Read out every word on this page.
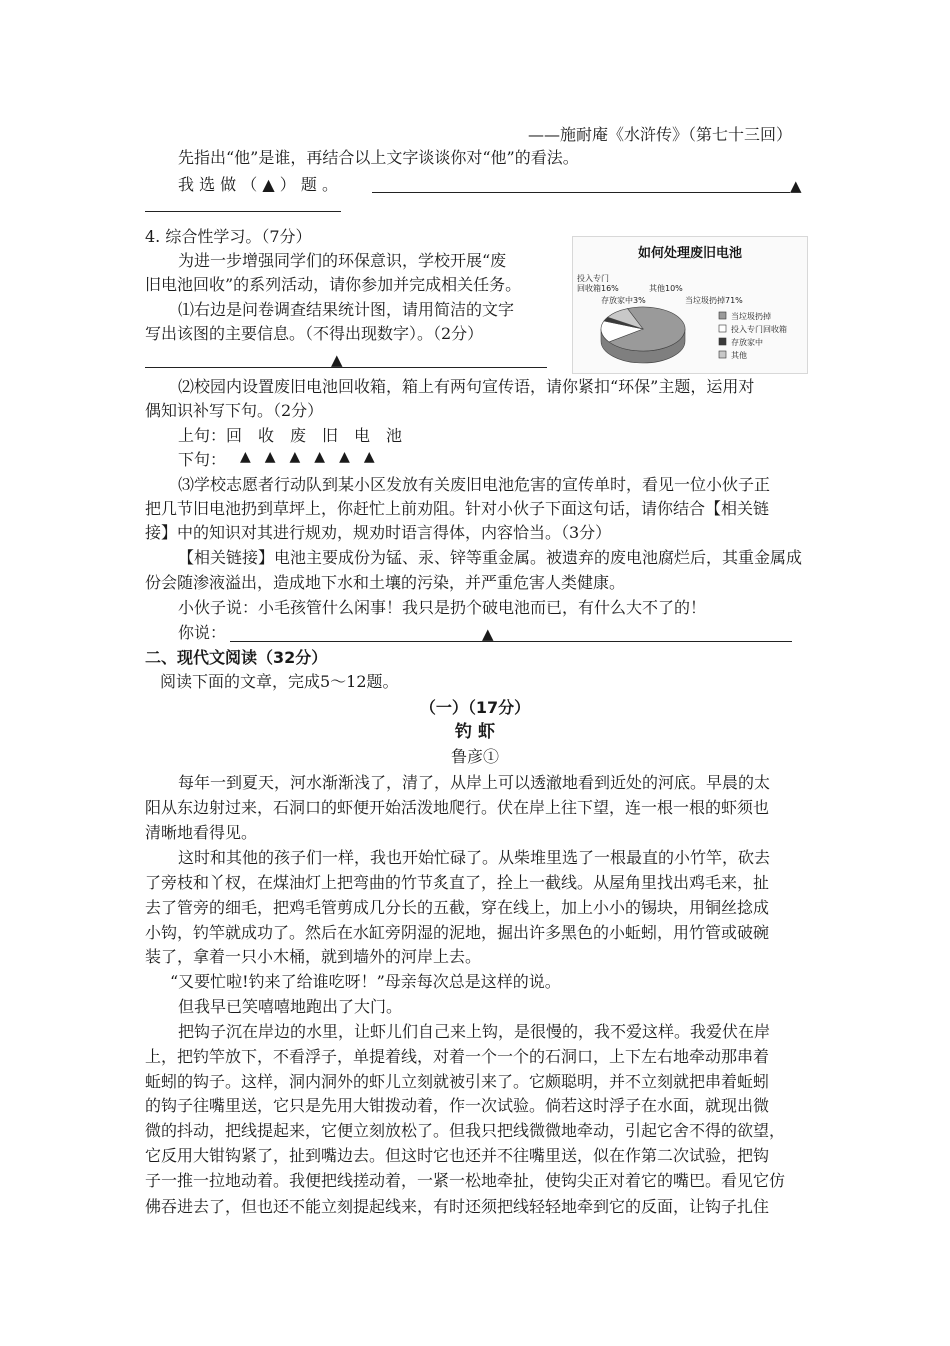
——施耐庵《水浒传》（第七十三回）
先指出“他”是谁，再结合以上文字谈谈你对“他”的看法。
我 选 做 （ ▲ ） 题 。	▲
4. 综合性学习。（7分）
为进一步增强同学们的环保意识，学校开展“废
旧电池回收”的系列活动，请你参加并完成相关任务。
⑴右边是问卷调查结果统计图，请用简洁的文字
写出该图的主要信息。（不得出现数字）。（2分）
▲
如何处理废旧电池
投入专门
回收箱16%
存放家中3%
其他10%
当垃圾扔掉71%
当垃圾扔掉
投入专门回收箱
存放家中
其他
⑵校园内设置废旧电池回收箱，箱上有两句宣传语，请你紧扣“环保”主题，运用对
偶知识补写下句。（2分）
上句：回　收　废　旧　电　池
下句： ▲　▲　▲　▲　▲　▲
⑶学校志愿者行动队到某小区发放有关废旧电池危害的宣传单时，看见一位小伙子正
把几节旧电池扔到草坪上，你赶忙上前劝阻。针对小伙子下面这句话，请你结合【相关链
接】中的知识对其进行规劝，规劝时语言得体，内容恰当。（3分）
【相关链接】电池主要成份为锰、汞、锌等重金属。被遗弃的废电池腐烂后，其重金属成
份会随渗液溢出，造成地下水和土壤的污染，并严重危害人类健康。
小伙子说：小毛孩管什么闲事！我只是扔个破电池而已，有什么大不了的！
你说：	▲
二、现代文阅读（32分）
阅读下面的文章，完成5～12题。
（一）（17分）
钓 虾
鲁彦①
每年一到夏天，河水渐渐浅了，清了，从岸上可以透澈地看到近处的河底。早晨的太
阳从东边射过来，石洞口的虾便开始活泼地爬行。伏在岸上往下望，连一根一根的虾须也
清晰地看得见。
这时和其他的孩子们一样，我也开始忙碌了。从柴堆里选了一根最直的小竹竿，砍去
了旁枝和丫杈，在煤油灯上把弯曲的竹节炙直了，拴上一截线。从屋角里找出鸡毛来，扯
去了管旁的细毛，把鸡毛管剪成几分长的五截，穿在线上，加上小小的锡块，用铜丝捻成
小钩，钓竿就成功了。然后在水缸旁阴湿的泥地，掘出许多黑色的小蚯蚓，用竹管或破碗
装了，拿着一只小木桶，就到墙外的河岸上去。
“又要忙啦!钓来了给谁吃呀！”母亲每次总是这样的说。
但我早已笑嘻嘻地跑出了大门。
把钩子沉在岸边的水里，让虾儿们自己来上钩，是很慢的，我不爱这样。我爱伏在岸
上，把钓竿放下，不看浮子，单提着线，对着一个一个的石洞口，上下左右地牵动那串着
蚯蚓的钩子。这样，洞内洞外的虾儿立刻就被引来了。它颇聪明，并不立刻就把串着蚯蚓
的钩子往嘴里送，它只是先用大钳拨动着，作一次试验。倘若这时浮子在水面，就现出微
微的抖动，把线提起来，它便立刻放松了。但我只把线微微地牵动，引起它舍不得的欲望，
它反用大钳钩紧了，扯到嘴边去。但这时它也还并不往嘴里送，似在作第二次试验，把钩
子一推一拉地动着。我便把线搓动着，一紧一松地牵扯，使钩尖正对着它的嘴巴。看见它仿
佛吞进去了，但也还不能立刻提起线来，有时还须把线轻轻地牵到它的反面，让钩子扎住
